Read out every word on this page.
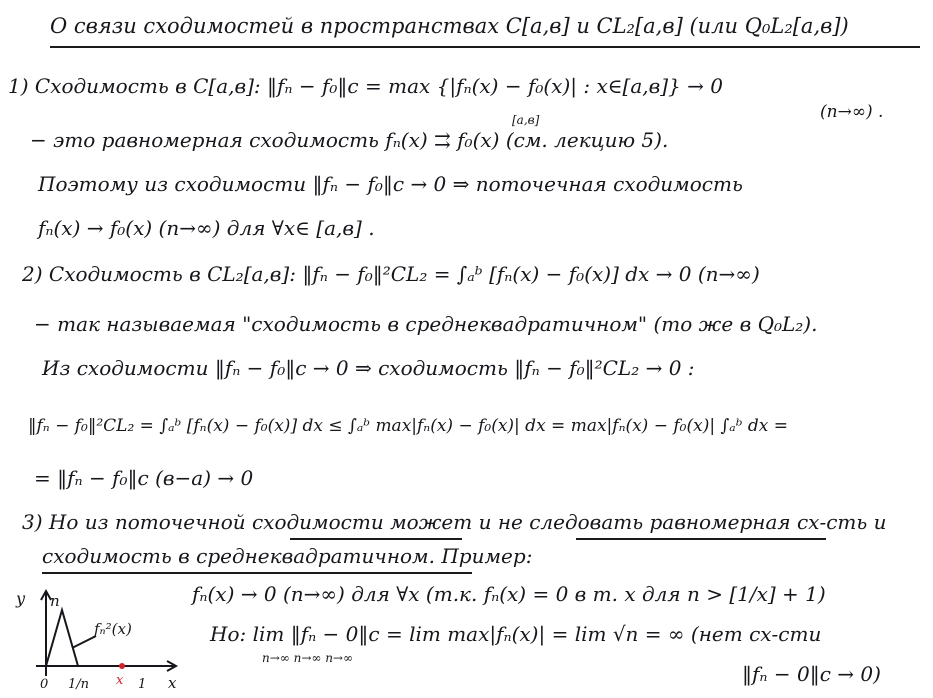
О связи сходимостей в пространствах C[a,в] и CL₂[a,в] (или Q₀L₂[a,в])
1) Сходимость в C[a,в]: ‖fₙ − f₀‖c = max {|fₙ(x) − f₀(x)| : x∈[a,в]} → 0
(n→∞) .
[a,в]
− это равномерная сходимость fₙ(x) ⇉ f₀(x) (см. лекцию 5).
Поэтому из сходимости ‖fₙ − f₀‖c → 0 ⇒ поточечная сходимость
fₙ(x) → f₀(x) (n→∞) для ∀x∈ [a,в] .
2) Сходимость в CL₂[a,в]: ‖fₙ − f₀‖²CL₂ = ∫ₐᵇ [fₙ(x) − f₀(x)] dx → 0 (n→∞)
− так называемая "сходимость в среднеквадратичном" (то же в Q₀L₂).
Из сходимости ‖fₙ − f₀‖c → 0 ⇒ сходимость ‖fₙ − f₀‖²CL₂ → 0 :
‖fₙ − f₀‖²CL₂ = ∫ₐᵇ [fₙ(x) − f₀(x)] dx ≤ ∫ₐᵇ max|fₙ(x) − f₀(x)| dx = max|fₙ(x) − f₀(x)| ∫ₐᵇ dx =
= ‖fₙ − f₀‖c (в−a) → 0
3) Но из поточечной сходимости может и не следовать равномерная сх-сть и
сходимость в среднеквадратичном. Пример:
fₙ(x) → 0 (n→∞) для ∀x (т.к. fₙ(x) = 0 в т. x для n > [1/x] + 1)
Но: lim ‖fₙ − 0‖c = lim max|fₙ(x)| = lim √n = ∞ (нет сх-сти
n→∞ n→∞ n→∞
‖fₙ − 0‖c → 0)
y n
fₙ²(x)
0 1/n x 1 x
